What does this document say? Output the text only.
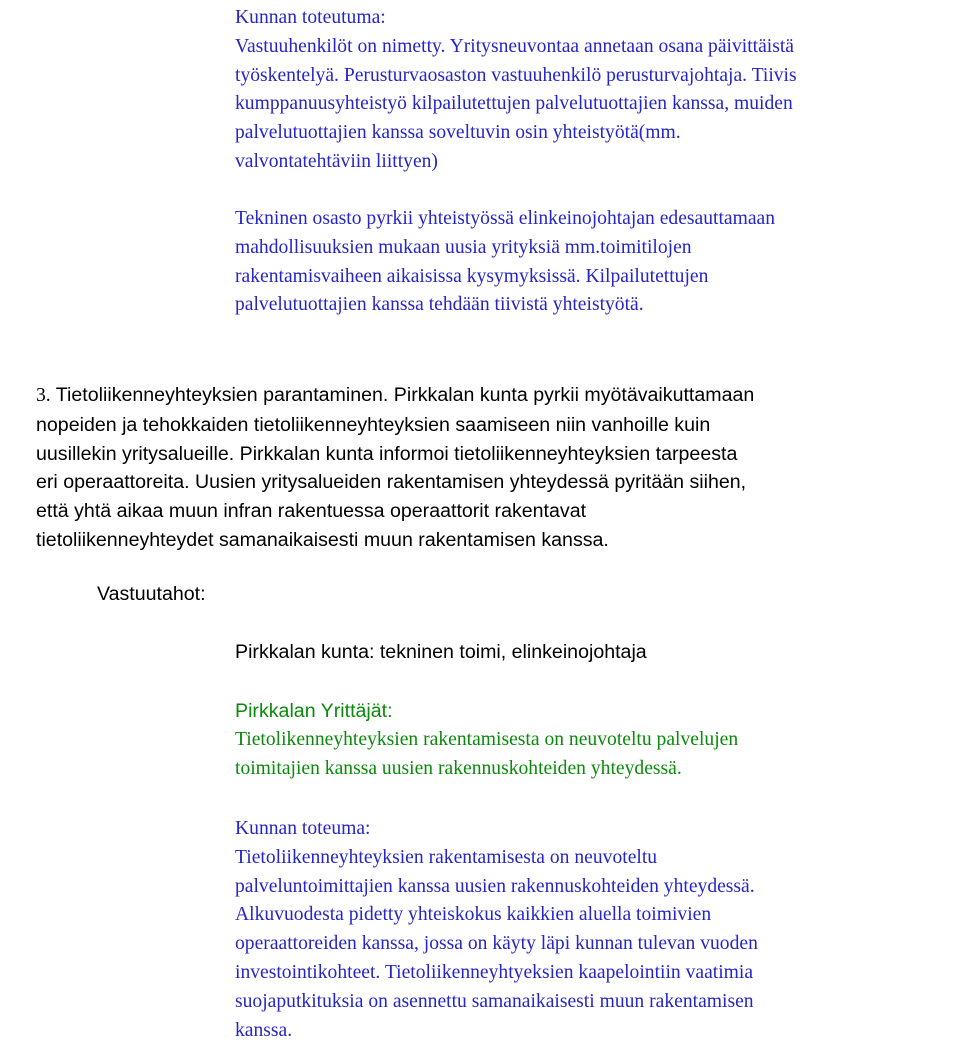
Kunnan toteutuma:
Vastuuhenkilöt on nimetty. Yritysneuvontaa annetaan osana päivittäistä
työskentelyä. Perusturvaosaston vastuuhenkilö perusturvajohtaja. Tiivis
kumppanuusyhteistyö kilpailutettujen palvelutuottajien kanssa, muiden
palvelutuottajien kanssa soveltuvin osin yhteistyötä(mm.
valvontatehtäviin liittyen)
Tekninen osasto pyrkii yhteistyössä elinkeinojohtajan edesauttamaan
mahdollisuuksien mukaan uusia yrityksiä mm.toimitilojen
rakentamisvaiheen aikaisissa kysymyksissä. Kilpailutettujen
palvelutuottajien kanssa tehdään tiivistä yhteistyötä.
3. Tietoliikenneyhteyksien parantaminen. Pirkkalan kunta pyrkii myötävaikuttamaan
nopeiden ja tehokkaiden tietoliikenneyhteyksien saamiseen niin vanhoille kuin
uusillekin yritysalueille. Pirkkalan kunta informoi tietoliikenneyhteyksien tarpeesta
eri operaattoreita. Uusien yritysalueiden rakentamisen yhteydessä pyritään siihen,
että yhtä aikaa muun infran rakentuessa operaattorit rakentavat
tietoliikenneyhteydet samanaikaisesti muun rakentamisen kanssa.
Vastuutahot:
Pirkkalan kunta: tekninen toimi, elinkeinojohtaja
Pirkkalan Yrittäjät:
Tietolikenneyhteyksien rakentamisesta on neuvoteltu palvelujen
toimitajien kanssa uusien rakennuskohteiden yhteydessä.
Kunnan toteuma:
Tietoliikenneyhteyksien rakentamisesta on neuvoteltu
palveluntoimittajien kanssa uusien rakennuskohteiden yhteydessä.
Alkuvuodesta pidetty yhteiskokus kaikkien aluella toimivien
operaattoreiden kanssa, jossa on käyty läpi kunnan tulevan vuoden
investointikohteet. Tietoliikenneyhtyeksien kaapelointiin vaatimia
suojaputkituksia on asennettu samanaikaisesti muun rakentamisen
kanssa.
